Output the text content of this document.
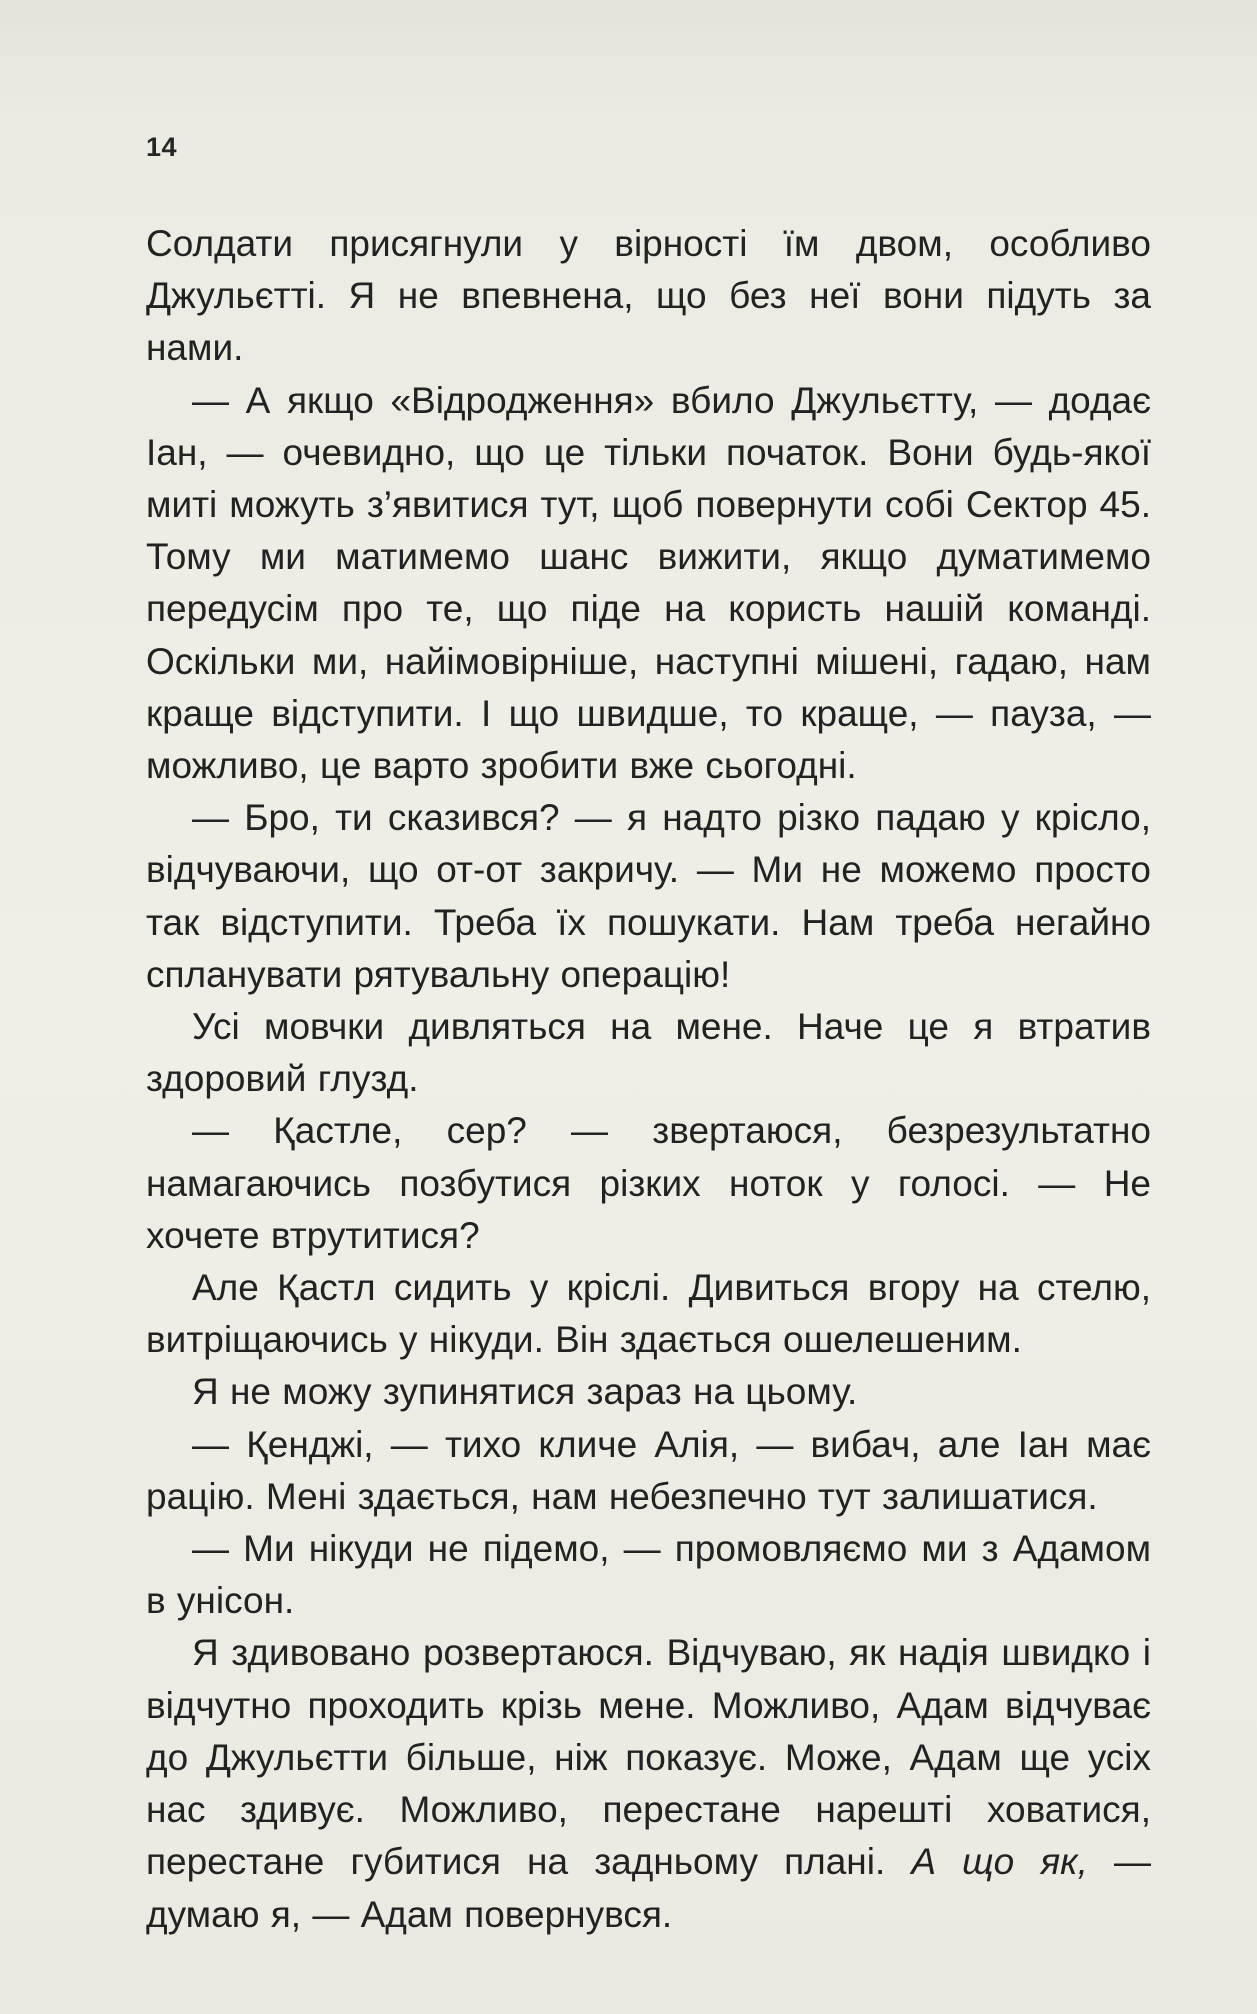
14

Солдати присягнули у вірності їм двом, особливо Джульєтті. Я не впевнена, що без неї вони підуть за нами.

— А якщо «Відродження» вбило Джульєтту, — додає Іан, — очевидно, що це тільки початок. Вони будь-якої миті можуть з’явитися тут, щоб повернути собі Сектор 45. Тому ми матимемо шанс вижити, якщо думатимемо передусім про те, що піде на користь нашій команді. Оскільки ми, найімовірніше, наступні мішені, гадаю, нам краще відступити. І що швидше, то краще, — пауза, — можливо, це варто зробити вже сьогодні.

— Бро, ти сказився? — я надто різко падаю у крісло, відчуваючи, що от-от закричу. — Ми не можемо просто так відступити. Треба їх пошукати. Нам треба негайно спланувати рятувальну операцію!

Усі мовчки дивляться на мене. Наче це я втратив здоровий глузд.

— Қастле, сер? — звертаюся, безрезультатно намагаючись позбутися різких ноток у голосі. — Не хочете втрутитися?

Але Қастл сидить у кріслі. Дивиться вгору на стелю, витріщаючись у нікуди. Він здається ошелешеним.

Я не можу зупинятися зараз на цьому.

— Қенджі, — тихо кличе Алія, — вибач, але Іан має рацію. Мені здається, нам небезпечно тут залишатися.

— Ми нікуди не підемо, — промовляємо ми з Адамом в унісон.

Я здивовано розвертаюся. Відчуваю, як надія швидко і відчутно проходить крізь мене. Можливо, Адам відчуває до Джульєтти більше, ніж показує. Може, Адам ще усіх нас здивує. Можливо, перестане нарешті ховатися, перестане губитися на задньому плані. А що як, — думаю я, — Адам повернувся.
